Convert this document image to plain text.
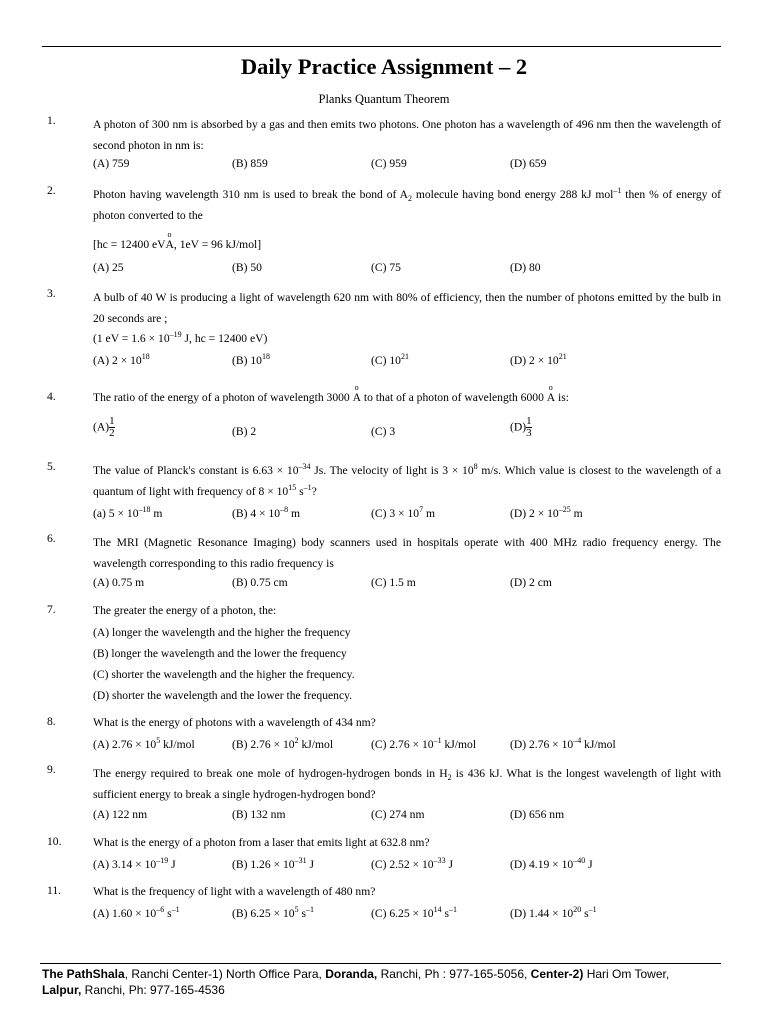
Daily Practice Assignment – 2
Planks Quantum Theorem
1.	A photon of 300 nm is absorbed by a gas and then emits two photons. One photon has a wavelength of 496 nm then the wavelength of second photon in nm is:
(A) 759	(B) 859	(C) 959	(D) 659
2.	Photon having wavelength 310 nm is used to break the bond of $A_2$ molecule having bond energy 288 kJ mol$^{-1}$ then % of energy of photon converted to the
[hc = 12400 eV
o
A, 1eV = 96 kJ/mol]
(A) 25	(B) 50	(C) 75	(D) 80
3.	A bulb of 40 W is producing a light of wavelength 620 nm with 80% of efficiency, then the number of photons emitted by the bulb in 20 seconds are ;
(1 eV = $1.6 \times 10^{-19}$ J, hc = 12400 eV)
(A) $2 \times 10^{18}$	(B) $10^{18}$	(C) $10^{21}$	(D) $2 \times 10^{21}$
4.	The ratio of the energy of a photon of wavelength 3000
o
A to that of a photon of wavelength 6000
o
A is:
$(A) \frac{1}{2}$	(B) 2	(C) 3	$(D) \frac{1}{3}$
5.	The value of Planck's constant is $6.63 \times 10^{-34}$ Js. The velocity of light is $3 \times 10^8$ m/s. Which value is closest to the wavelength of a quantum of light with frequency of $8 \times 10^{15}$ $s^{-1}$?
(a) $5 \times 10^{-18}$ m	(B) $4 \times 10^{-8}$ m	(C) $3 \times 10^7$ m	(D) $2 \times 10^{-25}$ m
6.	The MRI (Magnetic Resonance Imaging) body scanners used in hospitals operate with 400 MHz radio frequency energy. The wavelength corresponding to this radio frequency is
(A) 0.75 m	(B) 0.75 cm	(C) 1.5 m	(D) 2 cm
7.	The greater the energy of a photon, the:
(A) longer the wavelength and the higher the frequency
(B) longer the wavelength and the lower the frequency
(C) shorter the wavelength and the higher the frequency.
(D) shorter the wavelength and the lower the frequency.
8.	What is the energy of photons with a wavelength of 434 nm?
(A) $2.76 \times 10^5$ kJ/mol	(B) $2.76 \times 10^2$ kJ/mol	(C) $2.76 \times 10^{-1}$ kJ/mol	(D) $2.76 \times 10^{-4}$ kJ/mol
9.	The energy required to break one mole of hydrogen-hydrogen bonds in $H_2$ is 436 kJ. What is the longest wavelength of light with sufficient energy to break a single hydrogen-hydrogen bond?
(A) 122 nm	(B) 132 nm	(C) 274 nm	(D) 656 nm
10.	What is the energy of a photon from a laser that emits light at 632.8 nm?
(A) $3.14 \times 10^{-19}$ J	(B) $1.26 \times 10^{-31}$ J	(C) $2.52 \times 10^{-33}$ J	(D) $4.19 \times 10^{-40}$ J
11.	What is the frequency of light with a wavelength of 480 nm?
(A) $1.60 \times 10^{-6}$ $s^{-1}$	(B) $6.25 \times 10^5$ $s^{-1}$	(C) $6.25 \times 10^{14}$ $s^{-1}$	(D) $1.44 \times 10^{20}$ $s^{-1}$
The PathShala, Ranchi Center-1) North Office Para, Doranda, Ranchi, Ph : 977-165-5056, Center-2) Hari Om Tower,
Lalpur, Ranchi, Ph: 977-165-4536
